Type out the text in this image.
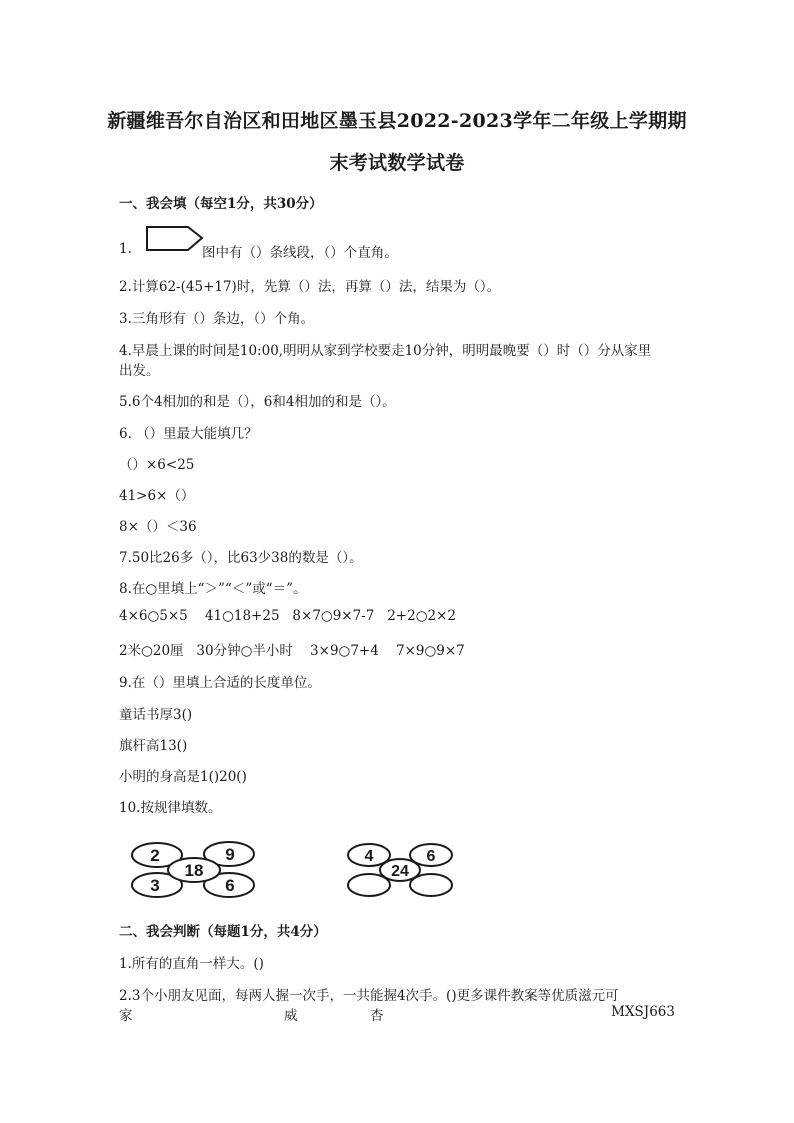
新疆维吾尔自治区和田地区墨玉县2022-2023学年二年级上学期期
末考试数学试卷
一、我会填（每空1分，共30分）
1.	图中有（）条线段，（）个直角。
2.计算62-(45+17)时，先算（）法，再算（）法，结果为（）。
3.三角形有（）条边，（）个角。
4.早晨上课的时间是10:00,明明从家到学校要走10分钟，明明最晚要（）时（）分从家里
出发。
5.6个4相加的和是（），6和4相加的和是（）。
6. （）里最大能填几？
（）×6<25
41>6×（）
8×（）＜36
7.50比26多（），比63少38的数是（）。
8.在○里填上“＞”“＜”或“＝”。
4×6○5×5    41○18+25   8×7○9×7-7   2+2○2×2
2米○20厘   30分钟○半小时    3×9○7+4    7×9○9×7
9.在（）里填上合适的长度单位。
童话书厚3()
旗杆高13()
小明的身高是1()20()
10.按规律填数。
2	9
3	6
18
4	6
24
二、我会判断（每题1分，共4分）
1.所有的直角一样大。()
2.3个小朋友见面，每两人握一次手，一共能握4次手。()更多课件教案等优质滋元可
家	威	杏	MXSJ663
